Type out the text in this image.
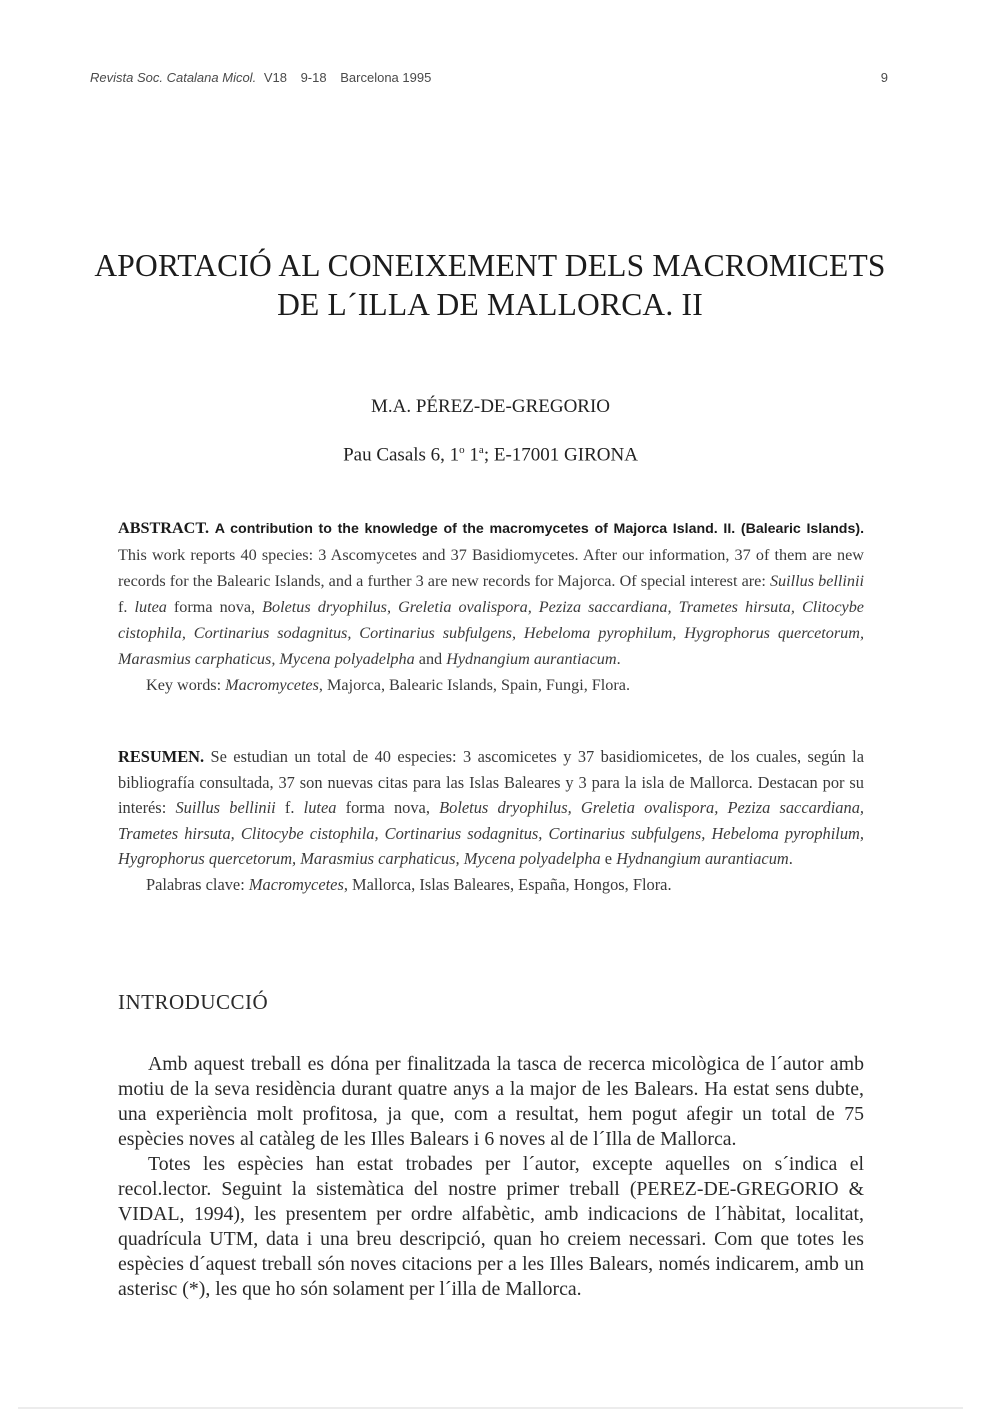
Revista Soc. Catalana Micol. V18 9-18 Barcelona 1995	9
APORTACIÓ AL CONEIXEMENT DELS MACROMICETS
DE L´ILLA DE MALLORCA. II
M.A. PÉREZ-DE-GREGORIO
Pau Casals 6, 1$^o$ 1$^a$; E-17001 GIRONA

ABSTRACT. A contribution to the knowledge of the macromycetes of Majorca Island. II. (Balearic Islands). This work reports 40 species: 3 Ascomycetes and 37 Basidiomycetes. After our information, 37 of them are new records for the Balearic Islands, and a further 3 are new records for Majorca. Of special interest are: Suillus bellinii f. lutea forma nova, Boletus dryophilus, Greletia ovalispora, Peziza saccardiana, Trametes hirsuta, Clitocybe cistophila, Cortinarius sodagnitus, Cortinarius subfulgens, Hebeloma pyrophilum, Hygrophorus quercetorum, Marasmius carphaticus, Mycena polyadelpha and Hydnangium aurantiacum.

Key words: Macromycetes, Majorca, Balearic Islands, Spain, Fungi, Flora.

RESUMEN. Se estudian un total de 40 especies: 3 ascomicetes y 37 basidiomicetes, de los cuales, según la bibliografía consultada, 37 son nuevas citas para las Islas Baleares y 3 para la isla de Mallorca. Destacan por su interés: Suillus bellinii f. lutea forma nova, Boletus dryophilus, Greletia ovalispora, Peziza saccardiana, Trametes hirsuta, Clitocybe cistophila, Cortinarius sodagnitus, Cortinarius subfulgens, Hebeloma pyrophilum, Hygrophorus quercetorum, Marasmius carphaticus, Mycena polyadelpha e Hydnangium aurantiacum.

Palabras clave: Macromycetes, Mallorca, Islas Baleares, España, Hongos, Flora.

INTRODUCCIÓ

Amb aquest treball es dóna per finalitzada la tasca de recerca micològica de l´autor amb motiu de la seva residència durant quatre anys a la major de les Balears. Ha estat sens dubte, una experiència molt profitosa, ja que, com a resultat, hem pogut afegir un total de 75 espècies noves al catàleg de les Illes Balears i 6 noves al de l´Illa de Mallorca.

Totes les espècies han estat trobades per l´autor, excepte aquelles on s´indica el recol.lector. Seguint la sistemàtica del nostre primer treball (PEREZ-DE-GREGORIO & VIDAL, 1994), les presentem per ordre alfabètic, amb indicacions de l´hàbitat, localitat, quadrícula UTM, data i una breu descripció, quan ho creiem necessari. Com que totes les espècies d´aquest treball són noves citacions per a les Illes Balears, només indicarem, amb un asterisc (*), les que ho són solament per l´illa de Mallorca.
